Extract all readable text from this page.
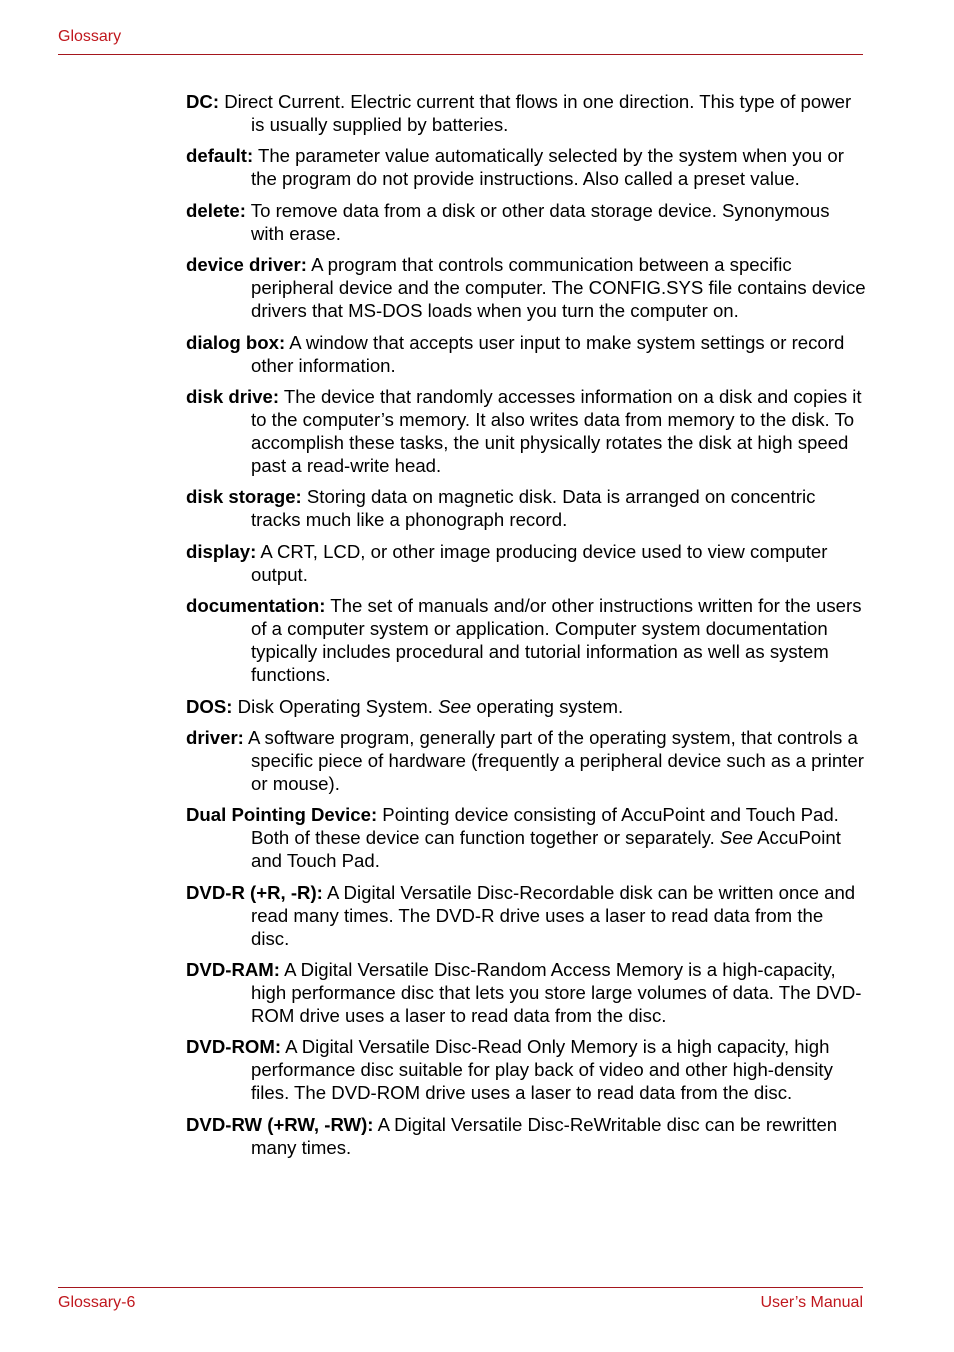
Glossary

DC: Direct Current. Electric current that flows in one direction. This type of power is usually supplied by batteries.

default: The parameter value automatically selected by the system when you or the program do not provide instructions. Also called a preset value.

delete: To remove data from a disk or other data storage device. Synonymous with erase.

device driver: A program that controls communication between a specific peripheral device and the computer. The CONFIG.SYS file contains device drivers that MS-DOS loads when you turn the computer on.

dialog box: A window that accepts user input to make system settings or record other information.

disk drive: The device that randomly accesses information on a disk and copies it to the computer’s memory. It also writes data from memory to the disk. To accomplish these tasks, the unit physically rotates the disk at high speed past a read-write head.

disk storage: Storing data on magnetic disk. Data is arranged on concentric tracks much like a phonograph record.

display: A CRT, LCD, or other image producing device used to view computer output.

documentation: The set of manuals and/or other instructions written for the users of a computer system or application. Computer system documentation typically includes procedural and tutorial information as well as system functions.

DOS: Disk Operating System. See operating system.

driver: A software program, generally part of the operating system, that controls a specific piece of hardware (frequently a peripheral device such as a printer or mouse).

Dual Pointing Device: Pointing device consisting of AccuPoint and Touch Pad. Both of these device can function together or separately. See AccuPoint and Touch Pad.

DVD-R (+R, -R): A Digital Versatile Disc-Recordable disk can be written once and read many times. The DVD-R drive uses a laser to read data from the disc.

DVD-RAM: A Digital Versatile Disc-Random Access Memory is a high-capacity, high performance disc that lets you store large volumes of data. The DVD-ROM drive uses a laser to read data from the disc.

DVD-ROM: A Digital Versatile Disc-Read Only Memory is a high capacity, high performance disc suitable for play back of video and other high-density files. The DVD-ROM drive uses a laser to read data from the disc.

DVD-RW (+RW, -RW): A Digital Versatile Disc-ReWritable disc can be rewritten many times.

Glossary-6	User’s Manual
